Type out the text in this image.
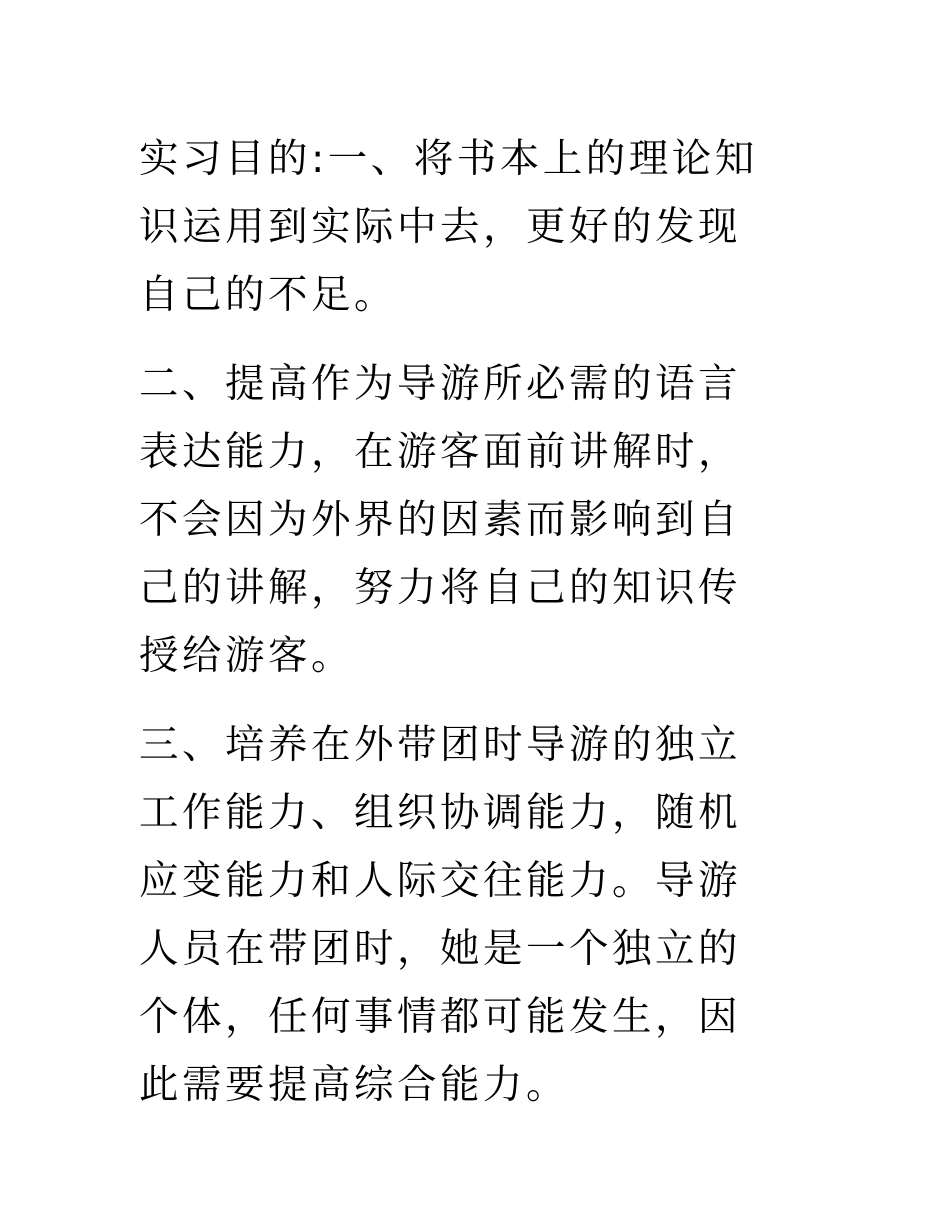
实习目的:一、将书本上的理论知
识运用到实际中去，更好的发现
自己的不足。

二、提高作为导游所必需的语言
表达能力，在游客面前讲解时，
不会因为外界的因素而影响到自
己的讲解，努力将自己的知识传
授给游客。

三、培养在外带团时导游的独立
工作能力、组织协调能力，随机
应变能力和人际交往能力。导游
人员在带团时，她是一个独立的
个体，任何事情都可能发生，因
此需要提高综合能力。
